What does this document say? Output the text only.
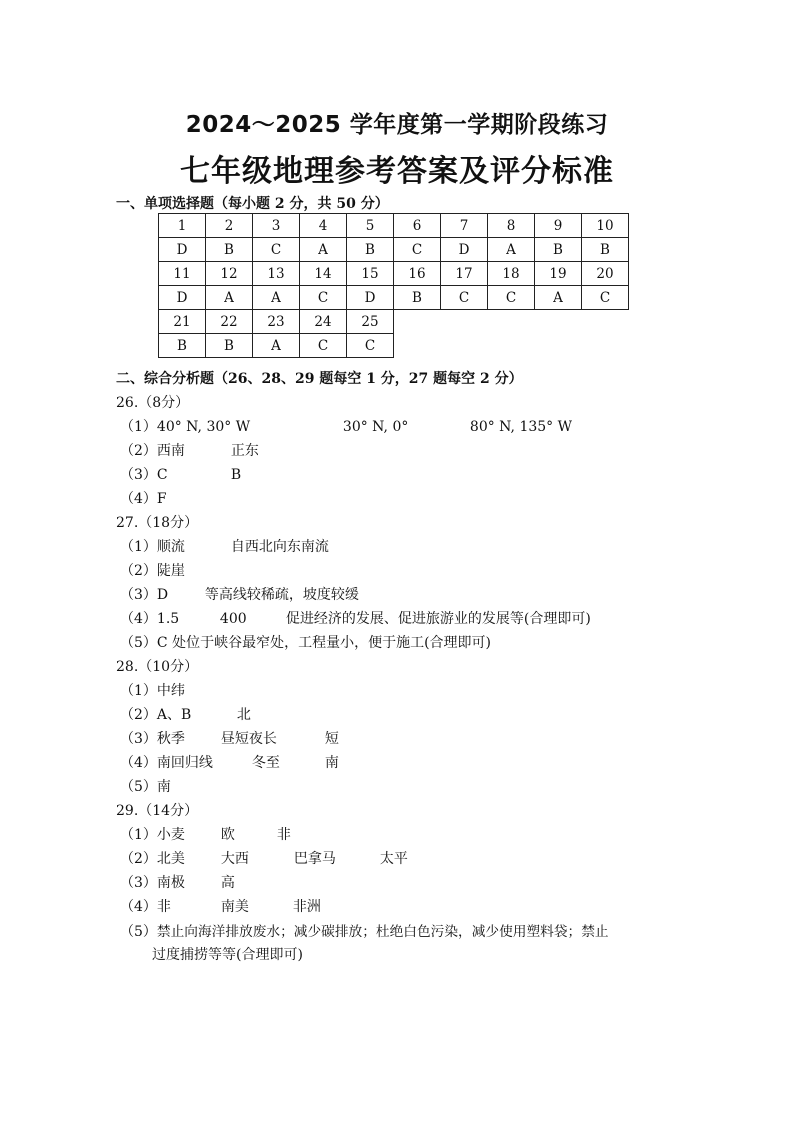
2024～2025 学年度第一学期阶段练习
七年级地理参考答案及评分标准
一、单项选择题（每小题 2 分，共 50 分）
1	2	3	4	5	6	7	8	9	10
D	B	C	A	B	C	D	A	B	B
11	12	13	14	15	16	17	18	19	20
D	A	A	C	D	B	C	C	A	C
21	22	23	24	25					
B	B	A	C	C					
二、综合分析题（26、28、29 题每空 1 分，27 题每空 2 分）
26.（8分）
（1）40° N, 30° W	30° N, 0°	80° N, 135° W
（2）西南	正东
（3）C	B
（4）F
27.（18分）
（1）顺流	自西北向东南流
（2）陡崖
（3）D	等高线较稀疏，坡度较缓
（4）1.5	400	促进经济的发展、促进旅游业的发展等(合理即可)
（5）C 处位于峡谷最窄处，工程量小，便于施工(合理即可)
28.（10分）
（1）中纬
（2）A、B	北
（3）秋季	昼短夜长	短
（4）南回归线	冬至	南
（5）南
29.（14分）
（1）小麦	欧	非
（2）北美	大西	巴拿马	太平
（3）南极	高
（4）非	南美	非洲
（5）禁止向海洋排放废水；减少碳排放；杜绝白色污染，减少使用塑料袋；禁止
过度捕捞等等(合理即可)
